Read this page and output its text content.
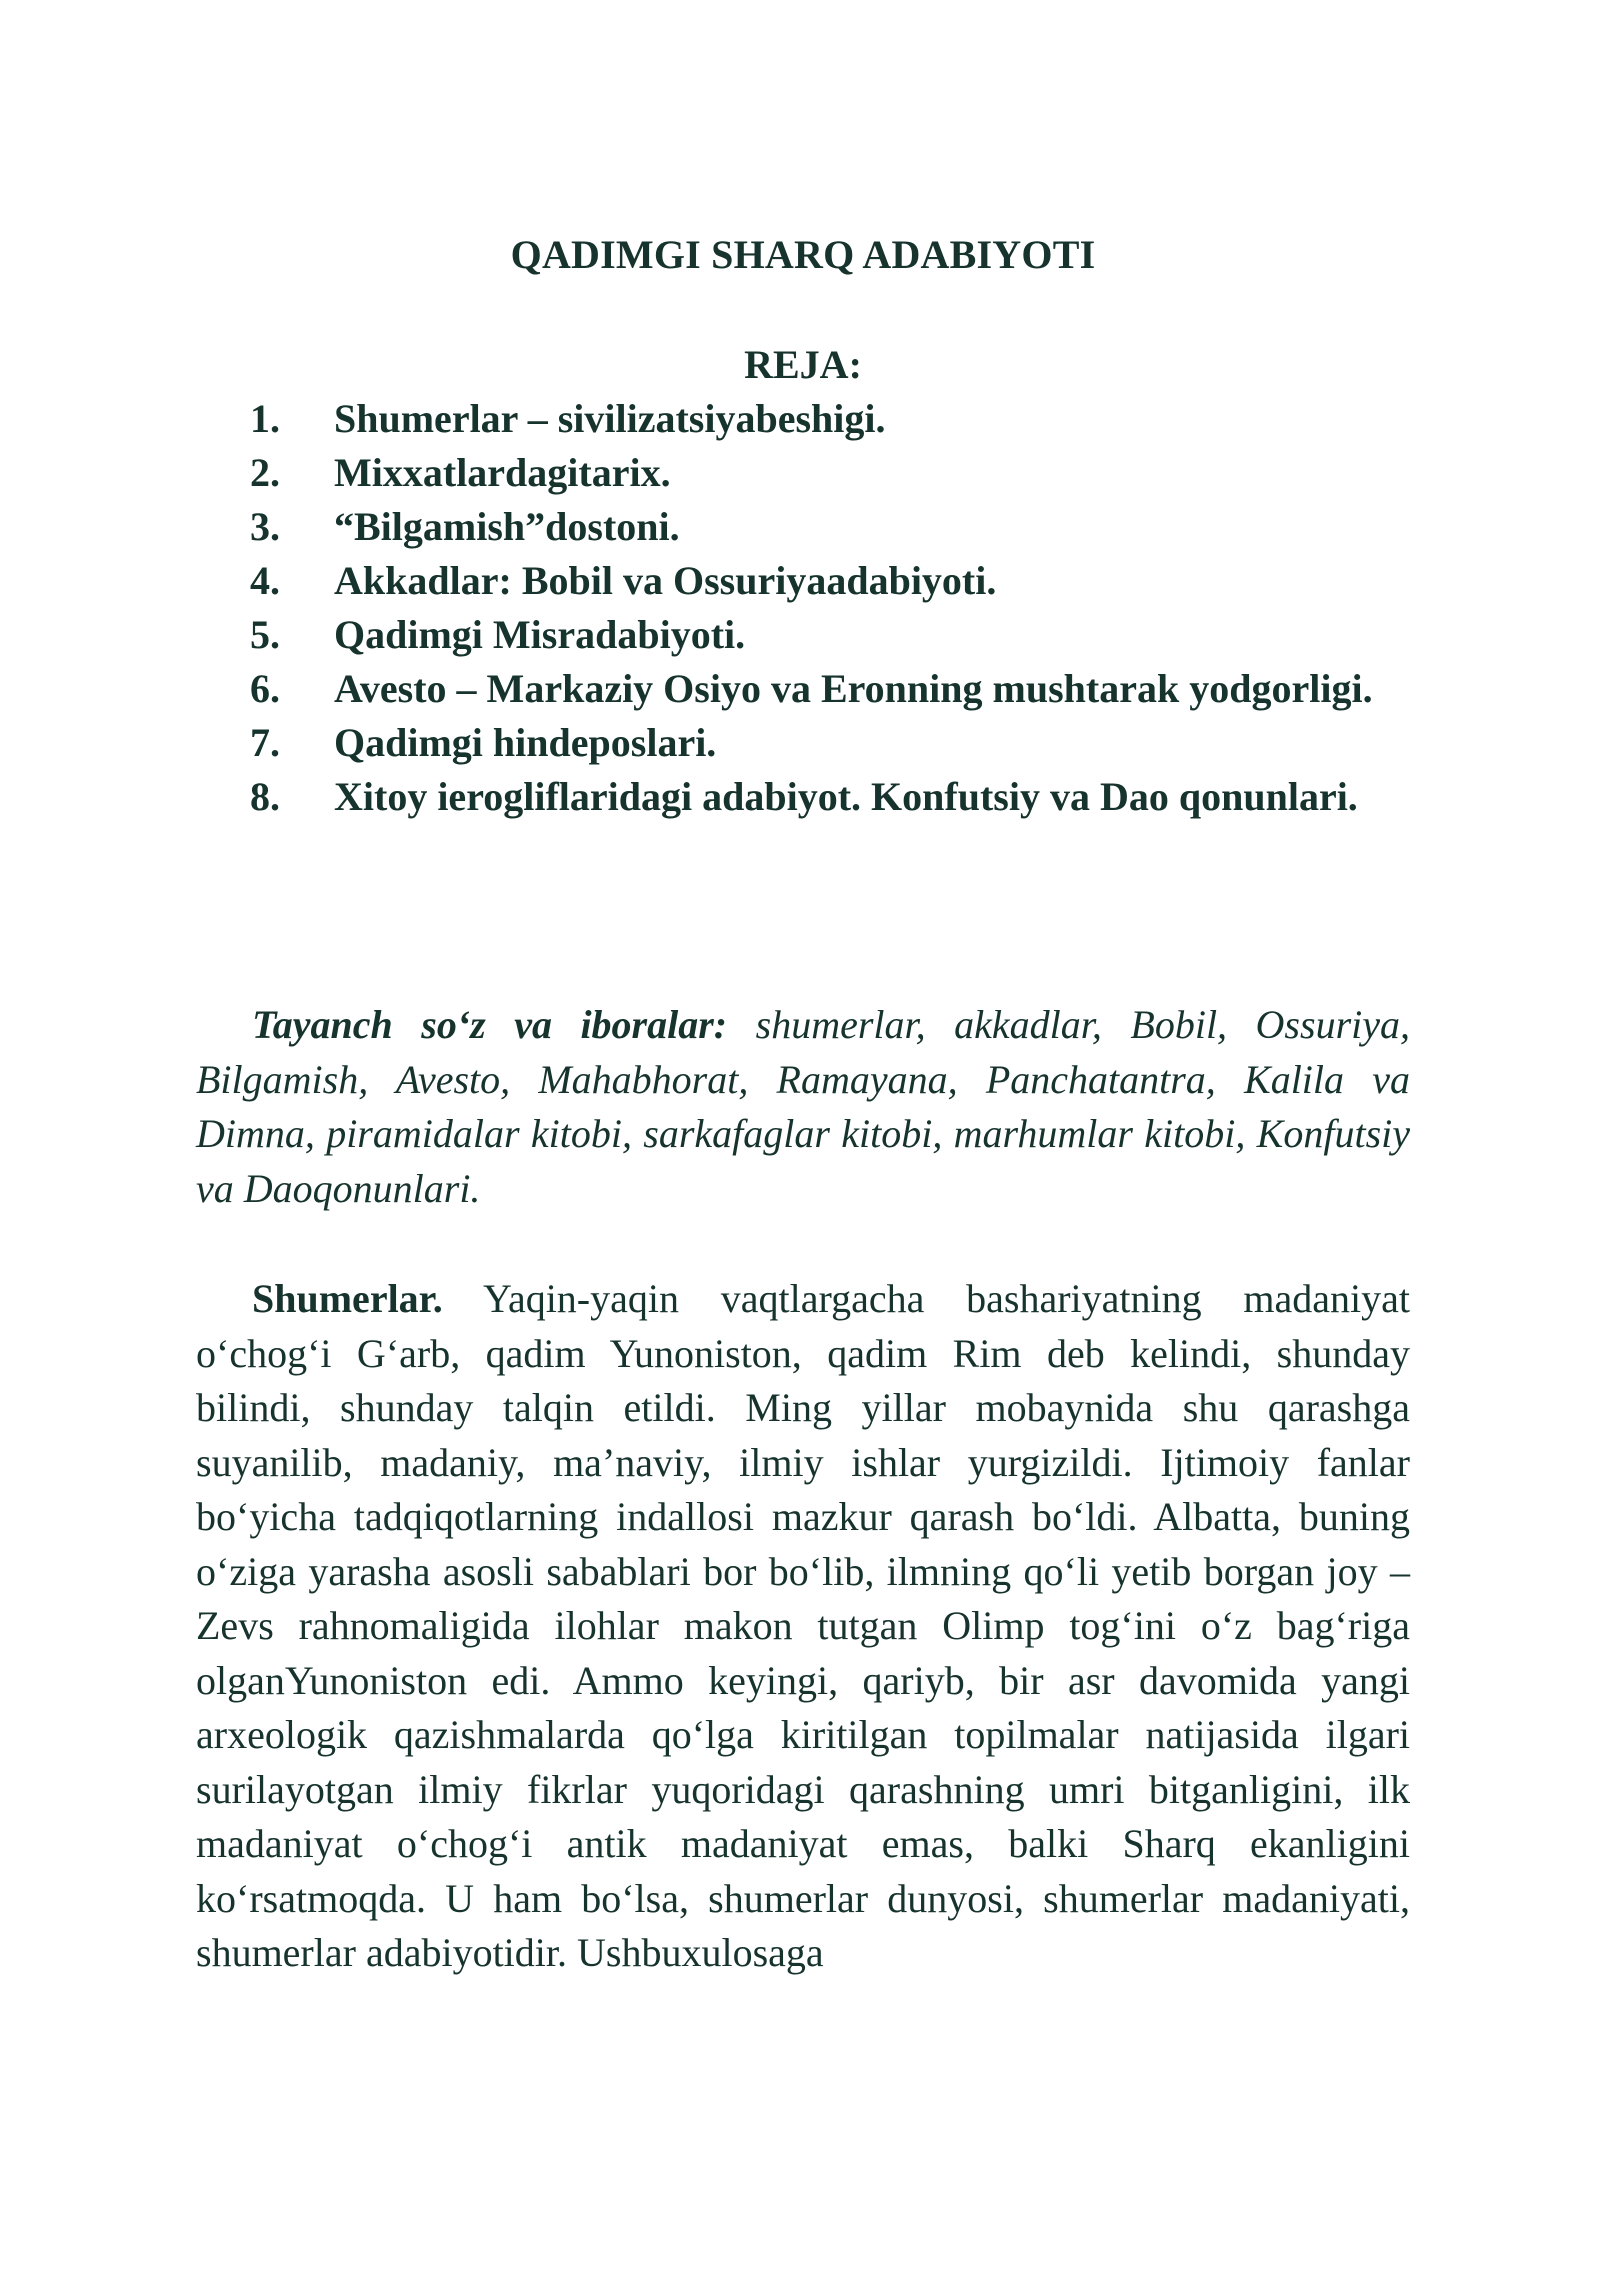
QADIMGI SHARQ ADABIYOTI
REJA:
1. Shumerlar – sivilizatsiyabeshigi.
2. Mixxatlardagitarix.
3. “Bilgamish”dostoni.
4. Akkadlar: Bobil va Ossuriyaadabiyoti.
5. Qadimgi Misradabiyoti.
6. Avesto – Markaziy Osiyo va Eronning mushtarak yodgorligi.
7. Qadimgi hindeposlari.
8. Xitoy ierogliflaridagi adabiyot. Konfutsiy va Dao qonunlari.

Tayanch so‘z va iboralar: shumerlar, akkadlar, Bobil, Ossuriya, Bilgamish, Avesto, Mahabhorat, Ramayana, Panchatantra, Kalila va Dimna, piramidalar kitobi, sarkafaglar kitobi, marhumlar kitobi, Konfutsiy va Daoqonunlari.

Shumerlar. Yaqin-yaqin vaqtlargacha bashariyatning madaniyat o‘chog‘i G‘arb, qadim Yunoniston, qadim Rim deb kelindi, shunday bilindi, shunday talqin etildi. Ming yillar mobaynida shu qarashga suyanilib, madaniy, ma’naviy, ilmiy ishlar yurgizildi. Ijtimoiy fanlar bo‘yicha tadqiqotlarning indallosi mazkur qarash bo‘ldi. Albatta, buning o‘ziga yarasha asosli sabablari bor bo‘lib, ilmning qo‘li yetib borgan joy – Zevs rahnomaligida ilohlar makon tutgan Olimp tog‘ini o‘z bag‘riga olganYunoniston edi. Ammo keyingi, qariyb, bir asr davomida yangi arxeologik qazishmalarda qo‘lga kiritilgan topilmalar natijasida ilgari surilayotgan ilmiy fikrlar yuqoridagi qarashning umri bitganligini, ilk madaniyat o‘chog‘i antik madaniyat emas, balki Sharq ekanligini ko‘rsatmoqda. U ham bo‘lsa, shumerlar dunyosi, shumerlar madaniyati, shumerlar adabiyotidir. Ushbuxulosaga
